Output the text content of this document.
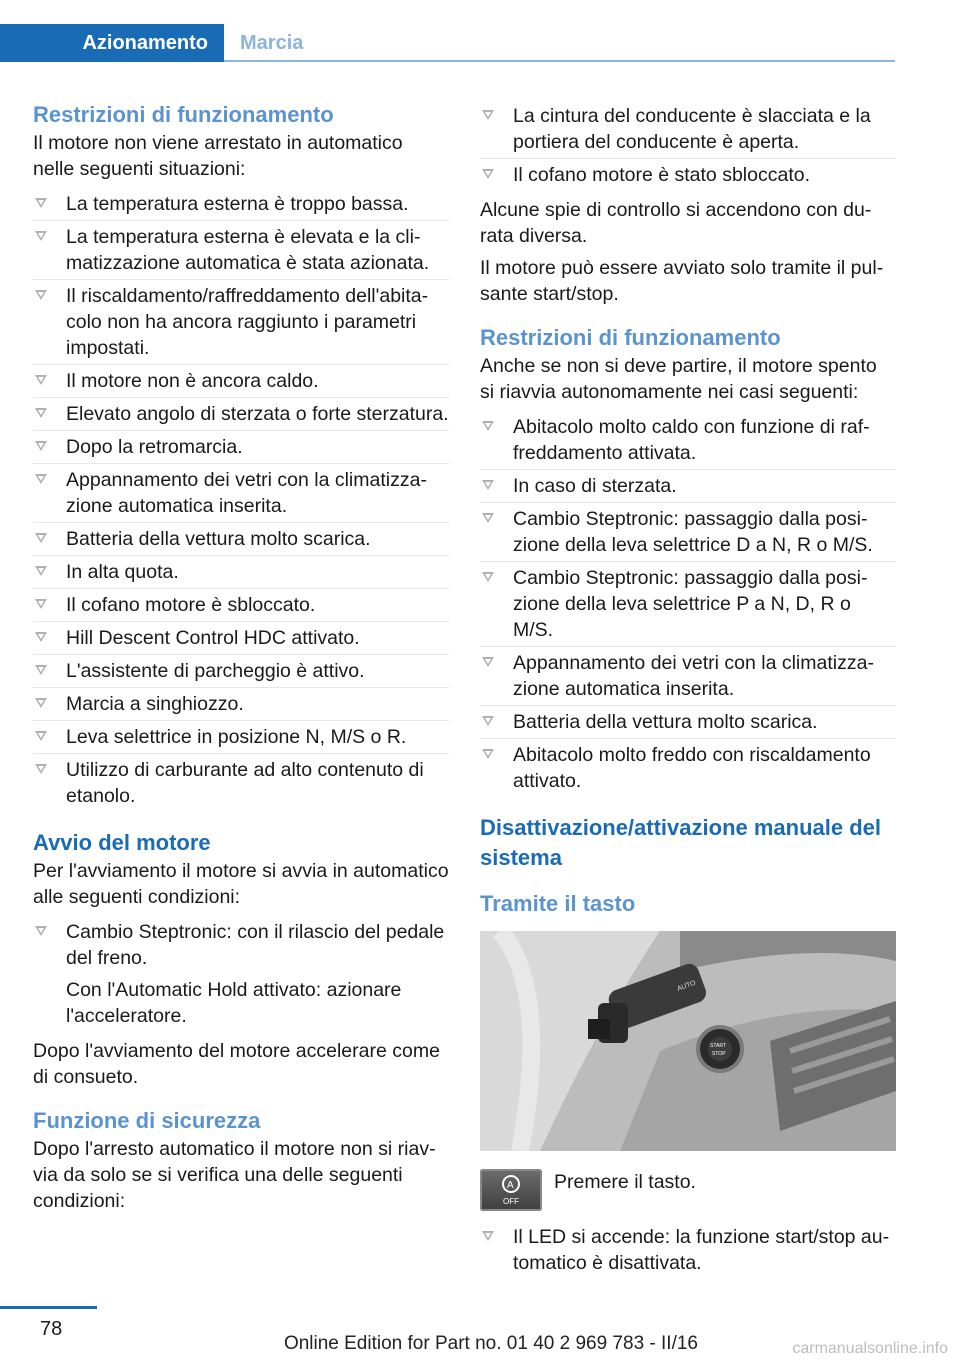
Azionamento	Marcia
Restrizioni di funzionamento

Il motore non viene arrestato in automatico nelle seguenti situazioni:

La temperatura esterna è troppo bassa.
La temperatura esterna è elevata e la climatizzazione automatica è stata azionata.
Il riscaldamento/raffreddamento dell'abitacolo non ha ancora raggiunto i parametri impostati.
Il motore non è ancora caldo.
Elevato angolo di sterzata o forte sterzatura.
Dopo la retromarcia.
Appannamento dei vetri con la climatizzazione automatica inserita.
Batteria della vettura molto scarica.
In alta quota.
Il cofano motore è sbloccato.
Hill Descent Control HDC attivato.
L'assistente di parcheggio è attivo.
Marcia a singhiozzo.
Leva selettrice in posizione N, M/S o R.
Utilizzo di carburante ad alto contenuto di etanolo.
Avvio del motore

Per l'avviamento il motore si avvia in automatico alle seguenti condizioni:

Cambio Steptronic: con il rilascio del pedale del freno.
Con l'Automatic Hold attivato: azionare l'acceleratore.

Dopo l'avviamento del motore accelerare come di consueto.

Funzione di sicurezza

Dopo l'arresto automatico il motore non si riavvia da solo se si verifica una delle seguenti condizioni:

La cintura del conducente è slacciata e la portiera del conducente è aperta.
Il cofano motore è stato sbloccato.

Alcune spie di controllo si accendono con durata diversa.

Il motore può essere avviato solo tramite il pulsante start/stop.

Restrizioni di funzionamento

Anche se non si deve partire, il motore spento si riavvia autonomamente nei casi seguenti:

Abitacolo molto caldo con funzione di raffreddamento attivata.
In caso di sterzata.
Cambio Steptronic: passaggio dalla posizione della leva selettrice D a N, R o M/S.
Cambio Steptronic: passaggio dalla posizione della leva selettrice P a N, D, R o M/S.
Appannamento dei vetri con la climatizzazione automatica inserita.
Batteria della vettura molto scarica.
Abitacolo molto freddo con riscaldamento attivato.
Disattivazione/attivazione manuale del sistema
Tramite il tasto
AUTO
START
STOP
A
OFF
Premere il tasto.
Il LED si accende: la funzione start/stop automatico è disattivata.
78
Online Edition for Part no. 01 40 2 969 783 - II/16	carmanualsonline.info
